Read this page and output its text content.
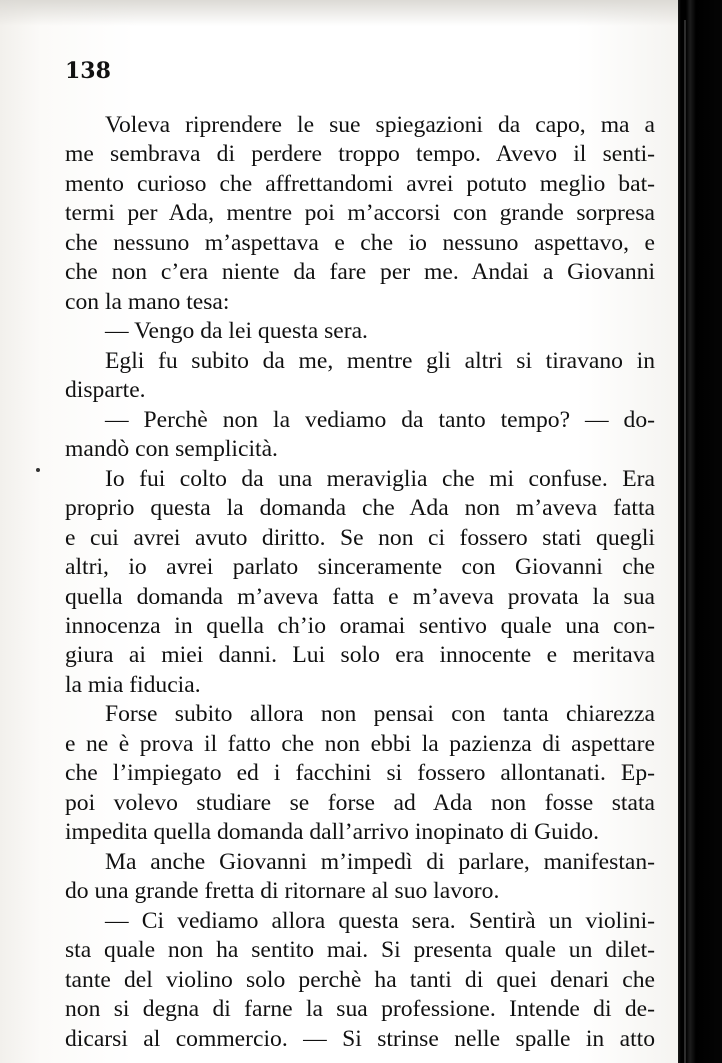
138

Voleva riprendere le sue spiegazioni da capo, ma a
me sembrava di perdere troppo tempo. Avevo il senti-
mento curioso che affrettandomi avrei potuto meglio bat-
termi per Ada, mentre poi m’accorsi con grande sorpresa
che nessuno m’aspettava e che io nessuno aspettavo, e
che non c’era niente da fare per me. Andai a Giovanni
con la mano tesa:
— Vengo da lei questa sera.
Egli fu subito da me, mentre gli altri si tiravano in
disparte.
— Perchè non la vediamo da tanto tempo? — do-
mandò con semplicità.
Io fui colto da una meraviglia che mi confuse. Era
proprio questa la domanda che Ada non m’aveva fatta
e cui avrei avuto diritto. Se non ci fossero stati quegli
altri, io avrei parlato sinceramente con Giovanni che
quella domanda m’aveva fatta e m’aveva provata la sua
innocenza in quella ch’io oramai sentivo quale una con-
giura ai miei danni. Lui solo era innocente e meritava
la mia fiducia.
Forse subito allora non pensai con tanta chiarezza
e ne è prova il fatto che non ebbi la pazienza di aspettare
che l’impiegato ed i facchini si fossero allontanati. Ep-
poi volevo studiare se forse ad Ada non fosse stata
impedita quella domanda dall’arrivo inopinato di Guido.
Ma anche Giovanni m’impedì di parlare, manifestan-
do una grande fretta di ritornare al suo lavoro.
— Ci vediamo allora questa sera. Sentirà un violini-
sta quale non ha sentito mai. Si presenta quale un dilet-
tante del violino solo perchè ha tanti di quei denari che
non si degna di farne la sua professione. Intende di de-
dicarsi al commercio. — Si strinse nelle spalle in atto
